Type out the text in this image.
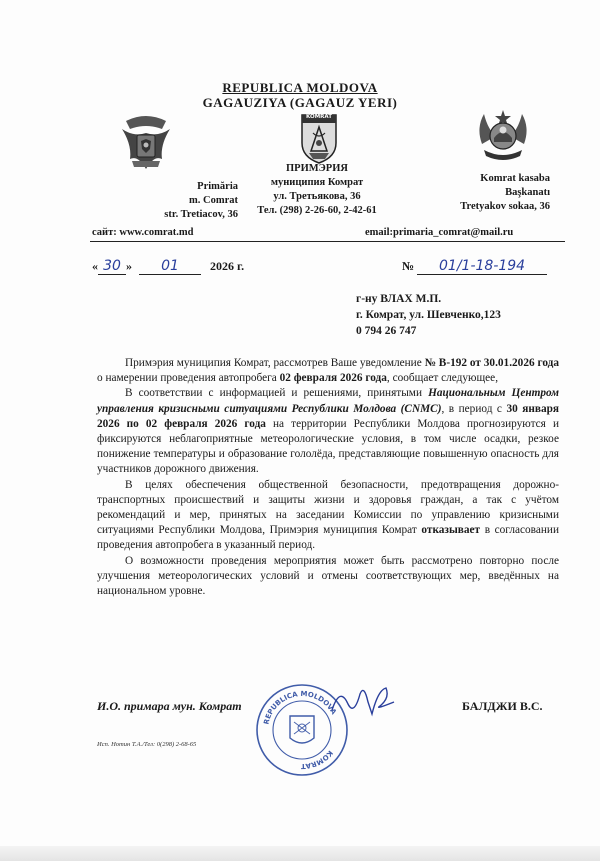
REPUBLICA MOLDOVA
GAGAUZIYA (GAGAUZ YERI)
KOMRAT
Primăria
m. Comrat
str. Tretiacov, 36
ПРИМЭРИЯ
муниципия Комрат
ул. Третьякова, 36
Тел. (298) 2-26-60, 2-42-61
Komrat kasaba
Başkanatı
Tretyakov sokaa, 36
сайт: www.comrat.md	email:primaria_comrat@mail.ru
« 30 » 01	2026 г.	№ 01/1-18-194
г-ну ВЛАХ М.П.
г. Комрат, ул. Шевченко,123
0 794 26 747

Примэрия муниципия Комрат, рассмотрев Ваше уведомление № В-192 от 30.01.2026 года о намерении проведения автопробега 02 февраля 2026 года, сообщает следующее,

В соответствии с информацией и решениями, принятыми Национальным Центром управления кризисными ситуациями Республики Молдова (CNMC), в период с 30 января 2026 по 02 февраля 2026 года на территории Республики Молдова прогнозируются и фиксируются неблагоприятные метеорологические условия, в том числе осадки, резкое понижение температуры и образование гололёда, представляющие повышенную опасность для участников дорожного движения.

В целях обеспечения общественной безопасности, предотвращения дорожно-транспортных происшествий и защиты жизни и здоровья граждан, а так с учётом рекомендаций и мер, принятых на заседании Комиссии по управлению кризисными ситуациями Республики Молдова, Примэрия муниципия Комрат отказывает в согласовании проведения автопробега в указанный период.

О возможности проведения мероприятия может быть рассмотрено повторно после улучшения метеорологических условий и отмены соответствующих мер, введённых на национальном уровне.

И.О. примара мун. Комрат	БАЛДЖИ В.С.
REPUBLICA MOLDOVA
KOMRAT
Исп. Нотин Т.А./Тел: 0(298) 2-68-65
